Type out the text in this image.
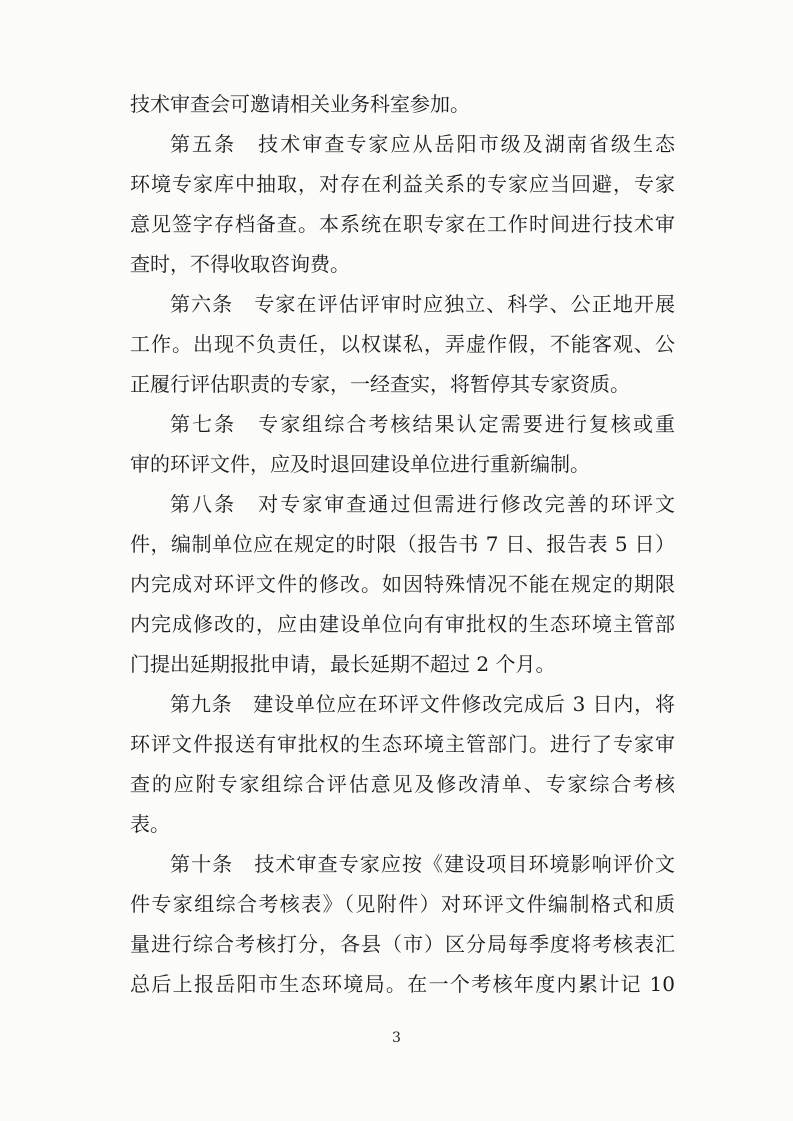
技术审查会可邀请相关业务科室参加。
第五条　技术审查专家应从岳阳市级及湖南省级生态
环境专家库中抽取，对存在利益关系的专家应当回避，专家
意见签字存档备查。本系统在职专家在工作时间进行技术审
查时，不得收取咨询费。
第六条　专家在评估评审时应独立、科学、公正地开展
工作。出现不负责任，以权谋私，弄虚作假，不能客观、公
正履行评估职责的专家，一经查实，将暂停其专家资质。
第七条　专家组综合考核结果认定需要进行复核或重
审的环评文件，应及时退回建设单位进行重新编制。
第八条　对专家审查通过但需进行修改完善的环评文
件，编制单位应在规定的时限（报告书 7 日、报告表 5 日）
内完成对环评文件的修改。如因特殊情况不能在规定的期限
内完成修改的，应由建设单位向有审批权的生态环境主管部
门提出延期报批申请，最长延期不超过 2 个月。
第九条　建设单位应在环评文件修改完成后 3 日内，将
环评文件报送有审批权的生态环境主管部门。进行了专家审
查的应附专家组综合评估意见及修改清单、专家综合考核
表。
第十条　技术审查专家应按《建设项目环境影响评价文
件专家组综合考核表》（见附件）对环评文件编制格式和质
量进行综合考核打分，各县（市）区分局每季度将考核表汇
总后上报岳阳市生态环境局。在一个考核年度内累计记 10
3
